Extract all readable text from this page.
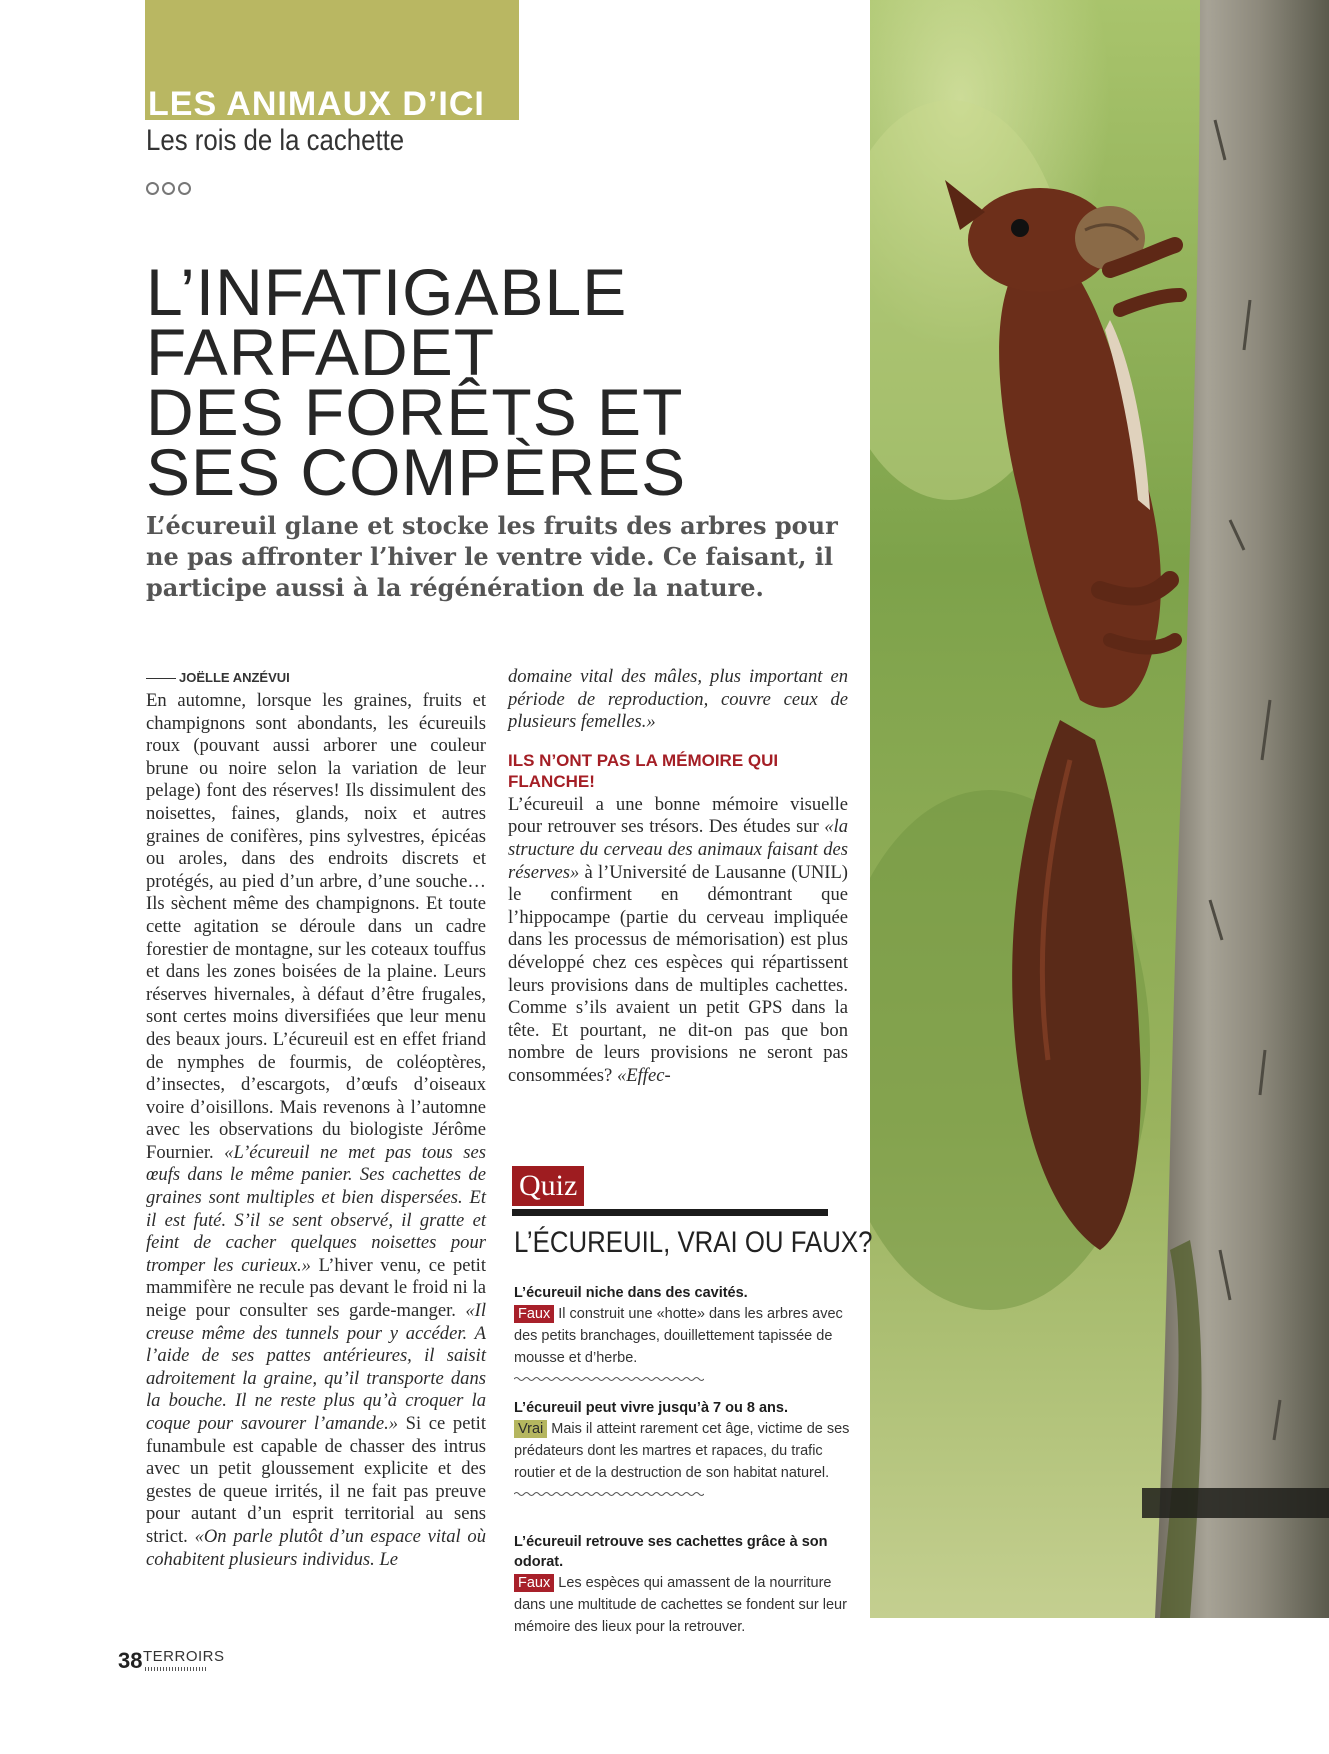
LES ANIMAUX D’ICI
Les rois de la cachette
L’INFATIGABLE
FARFADET
DES FORÊTS ET
SES COMPÈRES
L’écureuil glane et stocke les fruits des arbres pour ne pas affronter l’hiver le ventre vide. Ce faisant, il participe aussi à la régénération de la nature.
JOËLLE ANZÉVUI

En automne, lorsque les graines, fruits et champignons sont abondants, les écureuils roux (pouvant aussi arborer une couleur brune ou noire selon la variation de leur pelage) font des réserves! Ils dissimulent des noisettes, faines, glands, noix et autres graines de conifères, pins sylvestres, épicéas ou aroles, dans des endroits discrets et protégés, au pied d’un arbre, d’une souche… Ils sèchent même des champignons. Et toute cette agitation se déroule dans un cadre forestier de montagne, sur les coteaux touffus et dans les zones boisées de la plaine. Leurs réserves hivernales, à défaut d’être frugales, sont certes moins diversifiées que leur menu des beaux jours. L’écureuil est en effet friand de nymphes de fourmis, de coléoptères, d’insectes, d’escargots, d’œufs d’oiseaux voire d’oisillons. Mais revenons à l’automne avec les observations du biologiste Jérôme Fournier. «L’écureuil ne met pas tous ses œufs dans le même panier. Ses cachettes de graines sont multiples et bien dispersées. Et il est futé. S’il se sent observé, il gratte et feint de cacher quelques noisettes pour tromper les curieux.» L’hiver venu, ce petit mammifère ne recule pas devant le froid ni la neige pour consulter ses garde-manger. «Il creuse même des tunnels pour y accéder. A l’aide de ses pattes antérieures, il saisit adroitement la graine, qu’il transporte dans la bouche. Il ne reste plus qu’à croquer la coque pour savourer l’amande.» Si ce petit funambule est capable de chasser des intrus avec un petit gloussement explicite et des gestes de queue irrités, il ne fait pas preuve pour autant d’un esprit territorial au sens strict. «On parle plutôt d’un espace vital où cohabitent plusieurs individus. Le

domaine vital des mâles, plus important en période de reproduction, couvre ceux de plusieurs femelles.»

ILS N’ONT PAS LA MÉMOIRE QUI FLANCHE!

L’écureuil a une bonne mémoire visuelle pour retrouver ses trésors. Des études sur «la structure du cerveau des animaux faisant des réserves» à l’Université de Lausanne (UNIL) le confirment en démontrant que l’hippocampe (partie du cerveau impliquée dans les processus de mémorisation) est plus développé chez ces espèces qui répartissent leurs provisions dans de multiples cachettes. Comme s’ils avaient un petit GPS dans la tête. Et pourtant, ne dit-on pas que bon nombre de leurs provisions ne seront pas consommées? «Effec-

Quiz
L’ÉCUREUIL, VRAI OU FAUX?
L’écureuil niche dans des cavités.
Faux Il construit une «hotte» dans les arbres avec des petits branchages, douillettement tapissée de mousse et d’herbe.
L’écureuil peut vivre jusqu’à 7 ou 8 ans.
Vrai Mais il atteint rarement cet âge, victime de ses prédateurs dont les martres et rapaces, du trafic routier et de la destruction de son habitat naturel.
L’écureuil retrouve ses cachettes grâce à son odorat.
Faux Les espèces qui amassent de la nourriture dans une multitude de cachettes se fondent sur leur mémoire des lieux pour la retrouver.
38 TERROIRS
